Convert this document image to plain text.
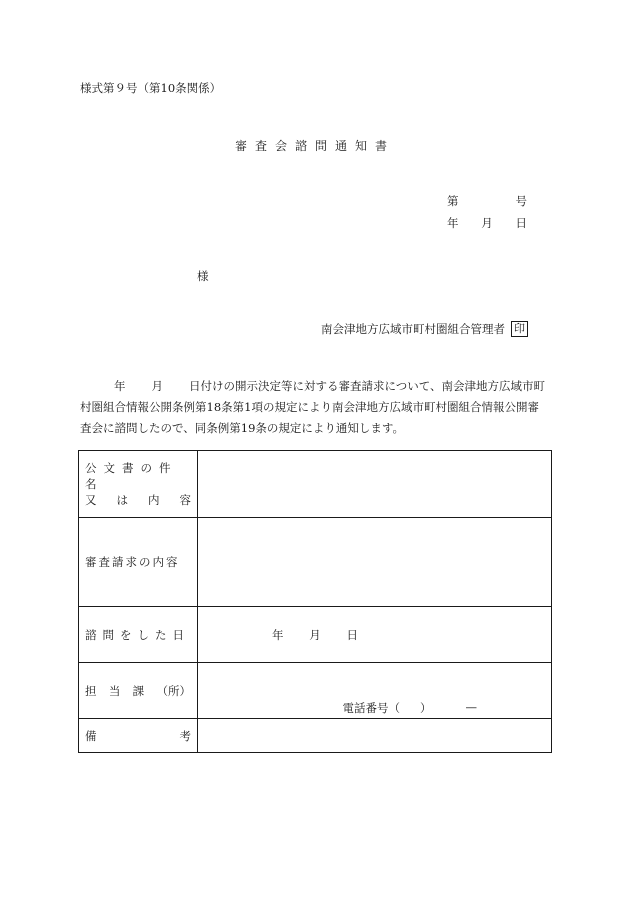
様式第９号（第10条関係）
審査会諮問通知書
第	号
年 月 日
様
南会津地方広域市町村圏組合管理者 印

年 月 日付けの開示決定等に対する審査請求について、南会津地方広域市町

村圏組合情報公開条例第18条第1項の規定により南会津地方広域市町村圏組合情報公開審

査会に諮問したので、同条例第19条の規定により通知します。

公文書の件名
又 は 内 容	

審査請求の内容	
諮問をした日	年 月 日

担 当 課 （所）	電話番号（ ） —

備 考	
